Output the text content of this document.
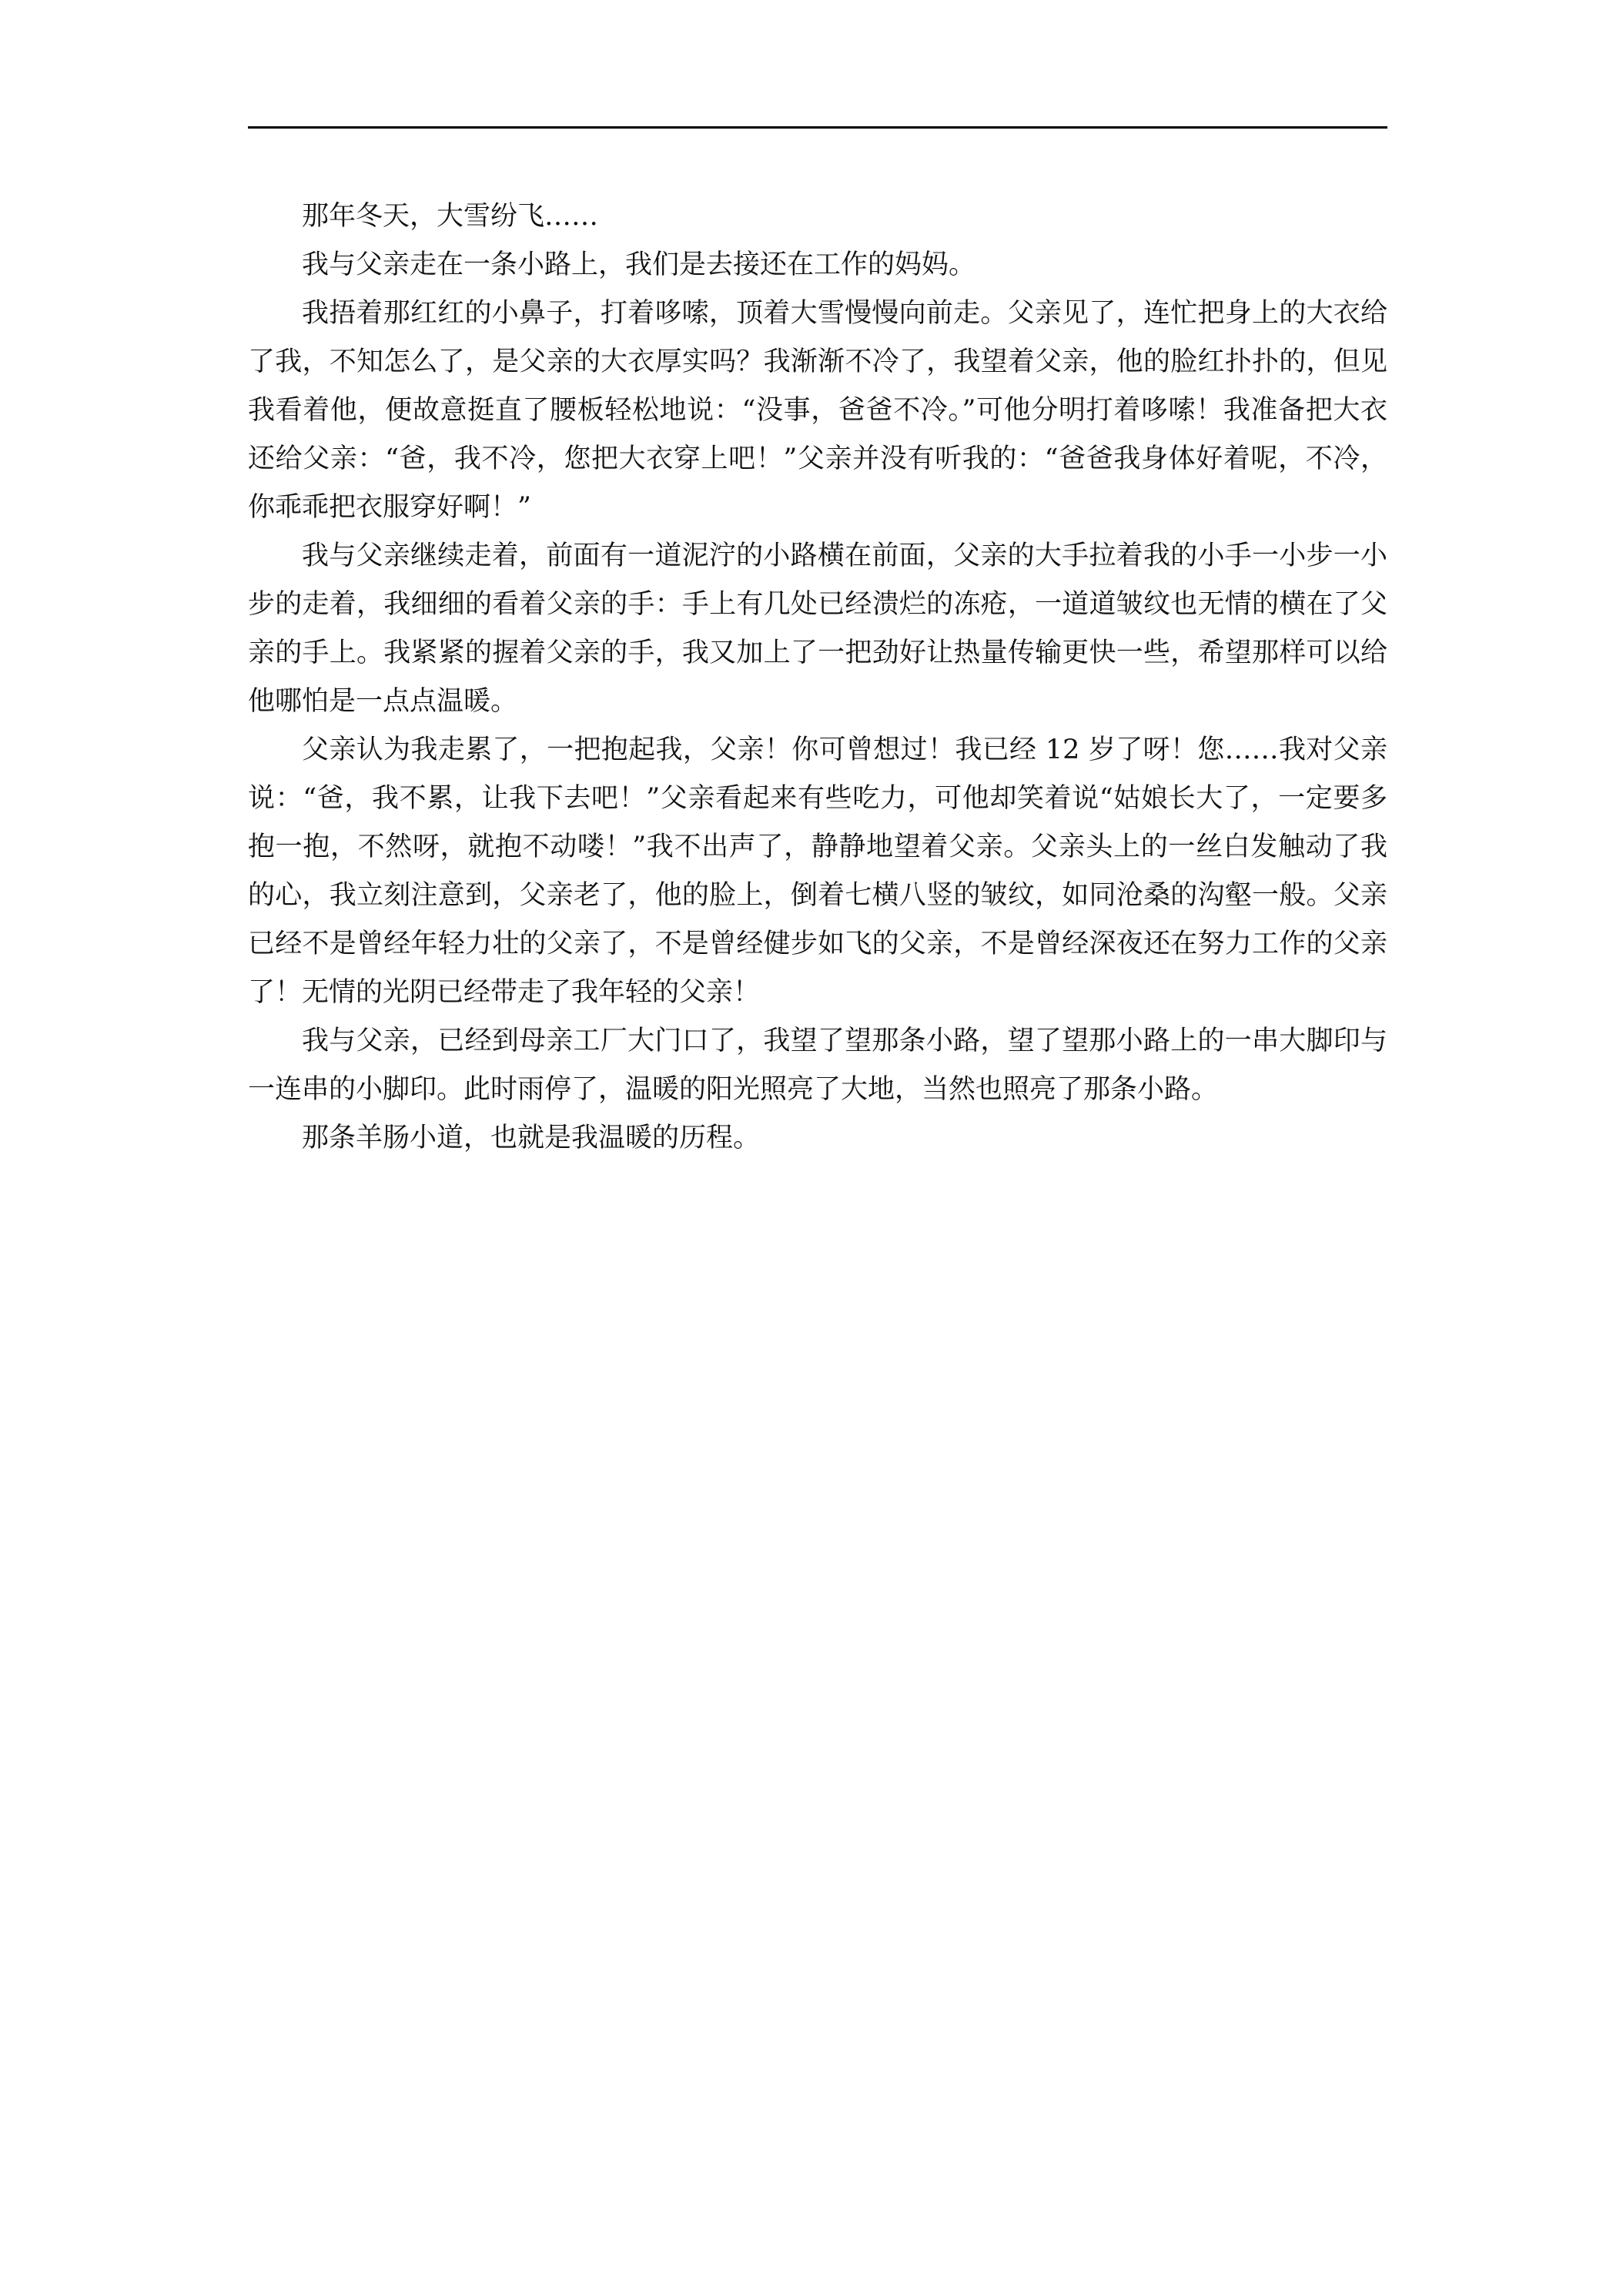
那年冬天，大雪纷飞……

我与父亲走在一条小路上，我们是去接还在工作的妈妈。

我捂着那红红的小鼻子，打着哆嗦，顶着大雪慢慢向前走。父亲见了，连忙把身上的大衣给了我，不知怎么了，是父亲的大衣厚实吗？我渐渐不冷了，我望着父亲，他的脸红扑扑的，但见我看着他，便故意挺直了腰板轻松地说：“没事，爸爸不冷。”可他分明打着哆嗦！我准备把大衣还给父亲：“爸，我不冷，您把大衣穿上吧！”父亲并没有听我的：“爸爸我身体好着呢，不冷，你乖乖把衣服穿好啊！”

我与父亲继续走着，前面有一道泥泞的小路横在前面，父亲的大手拉着我的小手一小步一小步的走着，我细细的看着父亲的手：手上有几处已经溃烂的冻疮，一道道皱纹也无情的横在了父亲的手上。我紧紧的握着父亲的手，我又加上了一把劲好让热量传输更快一些，希望那样可以给他哪怕是一点点温暖。

父亲认为我走累了，一把抱起我，父亲！你可曾想过！我已经 12 岁了呀！您……我对父亲说：“爸，我不累，让我下去吧！”父亲看起来有些吃力，可他却笑着说“姑娘长大了，一定要多抱一抱，不然呀，就抱不动喽！”我不出声了，静静地望着父亲。父亲头上的一丝白发触动了我的心，我立刻注意到，父亲老了，他的脸上，倒着七横八竖的皱纹，如同沧桑的沟壑一般。父亲已经不是曾经年轻力壮的父亲了，不是曾经健步如飞的父亲，不是曾经深夜还在努力工作的父亲了！无情的光阴已经带走了我年轻的父亲！

我与父亲，已经到母亲工厂大门口了，我望了望那条小路，望了望那小路上的一串大脚印与一连串的小脚印。此时雨停了，温暖的阳光照亮了大地，当然也照亮了那条小路。

那条羊肠小道，也就是我温暖的历程。
